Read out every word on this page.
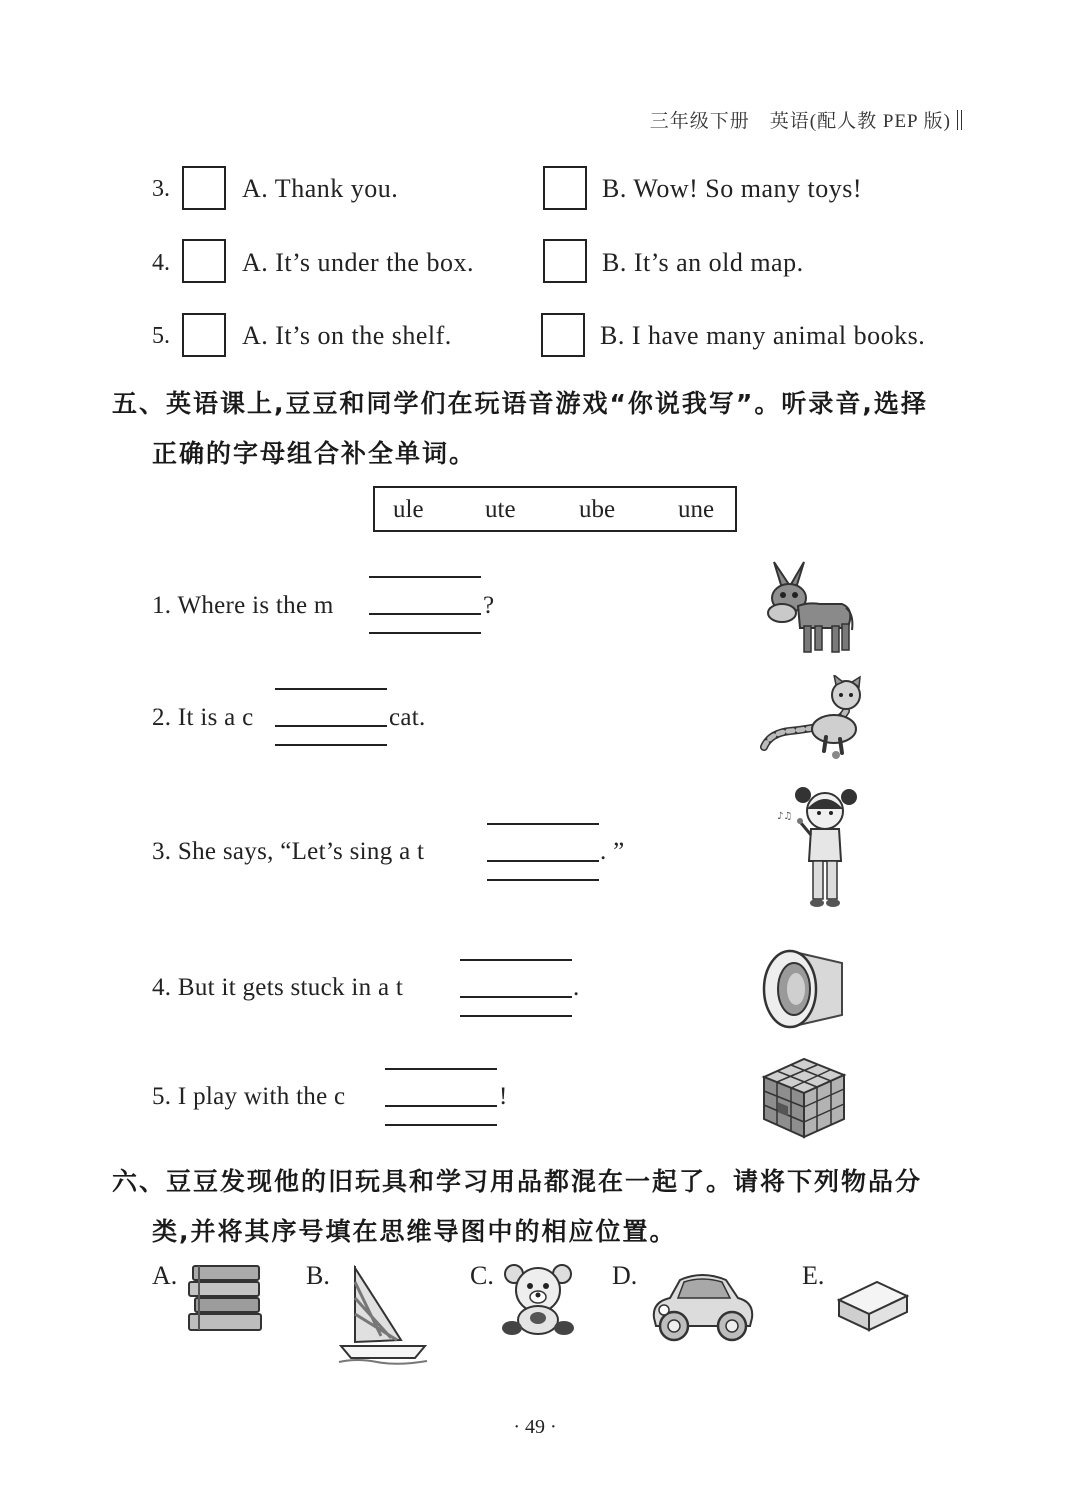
三年级下册　英语(配人教 PEP 版)
3.	A. Thank you.	B. Wow! So many toys!
4.	A. It’s under the box.	B. It’s an old map.
5.	A. It’s on the shelf.	B. I have many animal books.
五、英语课上,豆豆和同学们在玩语音游戏“你说我写”。听录音,选择
正确的字母组合补全单词。
ule ute	ube	une
1. Where is the m	?
2. It is a c	cat.
3. She says, “Let’s sing a t	. ”
♪♫
4. But it gets stuck in a t	.
5. I play with the c	!
六、豆豆发现他的旧玩具和学习用品都混在一起了。请将下列物品分
类,并将其序号填在思维导图中的相应位置。
A.	B.	C.	D.	E.
· 49 ·
